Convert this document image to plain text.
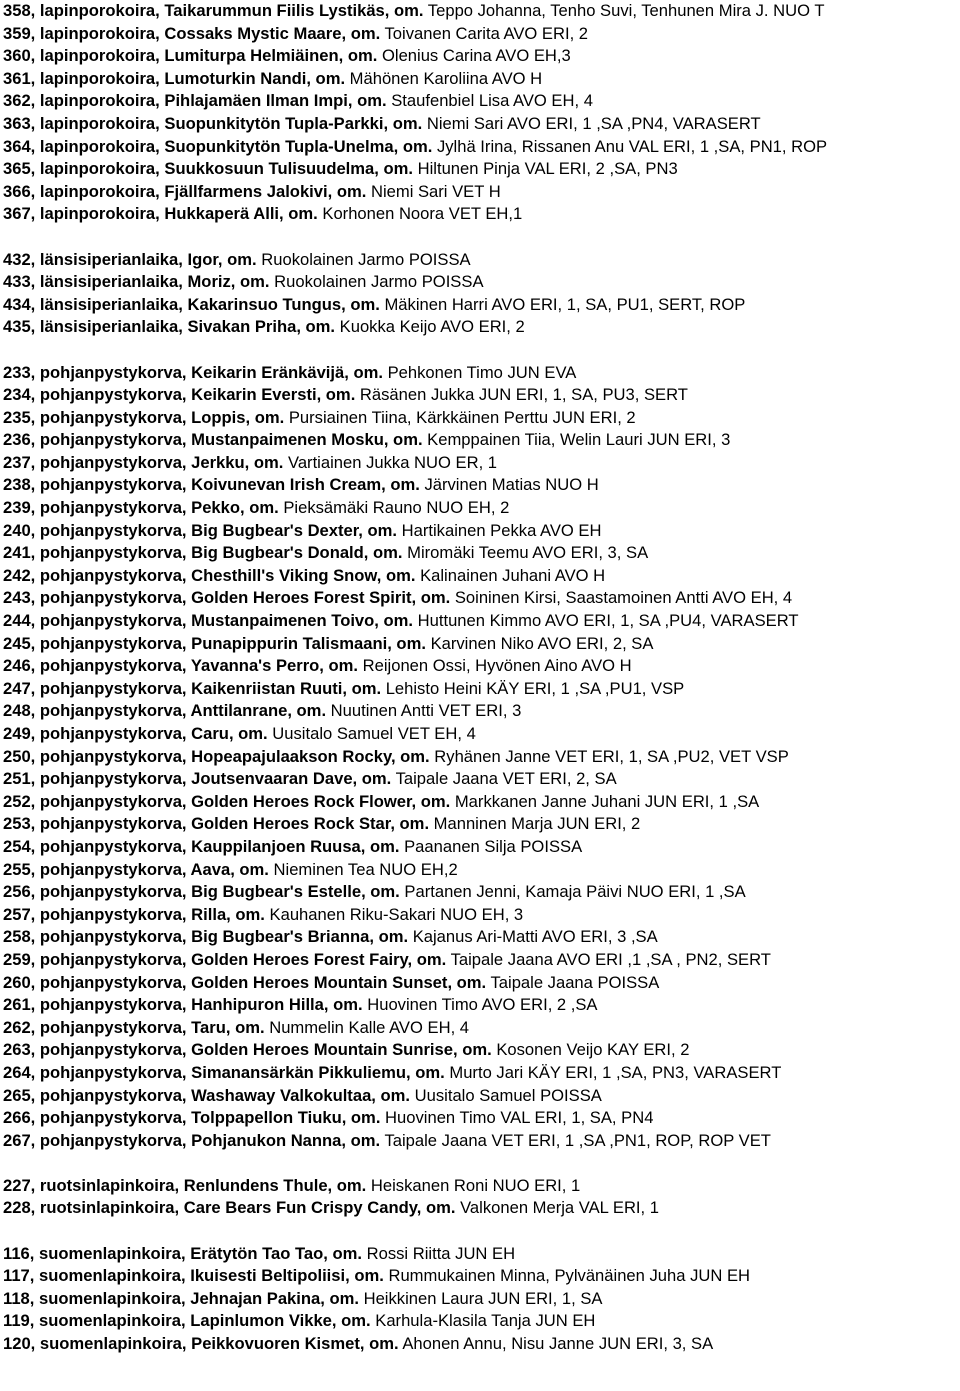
358, lapinporokoira, Taikarummun Fiilis Lystikäs, om. Teppo Johanna, Tenho Suvi, Tenhunen Mira J. NUO T
359, lapinporokoira, Cossaks Mystic Maare, om. Toivanen Carita AVO ERI, 2
360, lapinporokoira, Lumiturpa Helmiäinen, om. Olenius Carina AVO EH,3
361, lapinporokoira, Lumoturkin Nandi, om. Mähönen Karoliina AVO H
362, lapinporokoira, Pihlajamäen Ilman Impi, om. Staufenbiel Lisa AVO EH, 4
363, lapinporokoira, Suopunkitytön Tupla-Parkki, om. Niemi Sari AVO ERI, 1 ,SA ,PN4, VARASERT
364, lapinporokoira, Suopunkitytön Tupla-Unelma, om. Jylhä Irina, Rissanen Anu VAL ERI, 1 ,SA, PN1, ROP
365, lapinporokoira, Suukkosuun Tulisuudelma, om. Hiltunen Pinja VAL ERI, 2 ,SA, PN3
366, lapinporokoira, Fjällfarmens Jalokivi, om. Niemi Sari VET H
367, lapinporokoira, Hukkaperä Alli, om. Korhonen Noora VET EH,1
432, länsisiperianlaika, Igor, om. Ruokolainen Jarmo POISSA
433, länsisiperianlaika, Moriz, om. Ruokolainen Jarmo POISSA
434, länsisiperianlaika, Kakarinsuo Tungus, om. Mäkinen Harri AVO ERI, 1, SA, PU1, SERT, ROP
435, länsisiperianlaika, Sivakan Priha, om. Kuokka Keijo AVO ERI, 2
233, pohjanpystykorva, Keikarin Eränkävijä, om. Pehkonen Timo JUN EVA
234, pohjanpystykorva, Keikarin Eversti, om. Räsänen Jukka JUN ERI, 1, SA, PU3, SERT
235, pohjanpystykorva, Loppis, om. Pursiainen Tiina, Kärkkäinen Perttu JUN ERI, 2
236, pohjanpystykorva, Mustanpaimenen Mosku, om. Kemppainen Tiia, Welin Lauri JUN ERI, 3
237, pohjanpystykorva, Jerkku, om. Vartiainen Jukka NUO ER, 1
238, pohjanpystykorva, Koivunevan Irish Cream, om. Järvinen Matias NUO H
239, pohjanpystykorva, Pekko, om. Pieksämäki Rauno NUO EH, 2
240, pohjanpystykorva, Big Bugbear's Dexter, om. Hartikainen Pekka AVO EH
241, pohjanpystykorva, Big Bugbear's Donald, om. Miromäki Teemu AVO ERI, 3, SA
242, pohjanpystykorva, Chesthill's Viking Snow, om. Kalinainen Juhani AVO H
243, pohjanpystykorva, Golden Heroes Forest Spirit, om. Soininen Kirsi, Saastamoinen Antti AVO EH, 4
244, pohjanpystykorva, Mustanpaimenen Toivo, om. Huttunen Kimmo AVO ERI, 1, SA ,PU4, VARASERT
245, pohjanpystykorva, Punapippurin Talismaani, om. Karvinen Niko AVO ERI, 2, SA
246, pohjanpystykorva, Yavanna's Perro, om. Reijonen Ossi, Hyvönen Aino AVO H
247, pohjanpystykorva, Kaikenriistan Ruuti, om. Lehisto Heini KÄY ERI, 1 ,SA ,PU1, VSP
248, pohjanpystykorva, Anttilanrane, om. Nuutinen Antti VET ERI, 3
249, pohjanpystykorva, Caru, om. Uusitalo Samuel VET EH, 4
250, pohjanpystykorva, Hopeapajulaakson Rocky, om. Ryhänen Janne VET ERI, 1, SA ,PU2, VET VSP
251, pohjanpystykorva, Joutsenvaaran Dave, om. Taipale Jaana VET ERI, 2, SA
252, pohjanpystykorva, Golden Heroes Rock Flower, om. Markkanen Janne Juhani JUN ERI, 1 ,SA
253, pohjanpystykorva, Golden Heroes Rock Star, om. Manninen Marja JUN ERI, 2
254, pohjanpystykorva, Kauppilanjoen Ruusa, om. Paananen Silja POISSA
255, pohjanpystykorva, Aava, om. Nieminen Tea NUO EH,2
256, pohjanpystykorva, Big Bugbear's Estelle, om. Partanen Jenni, Kamaja Päivi NUO ERI, 1 ,SA
257, pohjanpystykorva, Rilla, om. Kauhanen Riku-Sakari NUO EH, 3
258, pohjanpystykorva, Big Bugbear's Brianna, om. Kajanus Ari-Matti AVO ERI, 3 ,SA
259, pohjanpystykorva, Golden Heroes Forest Fairy, om. Taipale Jaana AVO ERI ,1 ,SA , PN2, SERT
260, pohjanpystykorva, Golden Heroes Mountain Sunset, om. Taipale Jaana POISSA
261, pohjanpystykorva, Hanhipuron Hilla, om. Huovinen Timo AVO ERI, 2 ,SA
262, pohjanpystykorva, Taru, om. Nummelin Kalle AVO EH, 4
263, pohjanpystykorva, Golden Heroes Mountain Sunrise, om. Kosonen Veijo KAY ERI, 2
264, pohjanpystykorva, Simanansärkän Pikkuliemu, om. Murto Jari KÄY ERI, 1 ,SA, PN3, VARASERT
265, pohjanpystykorva, Washaway Valkokultaa, om. Uusitalo Samuel POISSA
266, pohjanpystykorva, Tolppapellon Tiuku, om. Huovinen Timo VAL ERI, 1, SA, PN4
267, pohjanpystykorva, Pohjanukon Nanna, om. Taipale Jaana VET ERI, 1 ,SA ,PN1, ROP, ROP VET
227, ruotsinlapinkoira, Renlundens Thule, om. Heiskanen Roni NUO ERI, 1
228, ruotsinlapinkoira, Care Bears Fun Crispy Candy, om. Valkonen Merja VAL ERI, 1
116, suomenlapinkoira, Erätytön Tao Tao, om. Rossi Riitta JUN EH
117, suomenlapinkoira, Ikuisesti Beltipoliisi, om. Rummukainen Minna, Pylvänäinen Juha JUN EH
118, suomenlapinkoira, Jehnajan Pakina, om. Heikkinen Laura JUN ERI, 1, SA
119, suomenlapinkoira, Lapinlumon Vikke, om. Karhula-Klasila Tanja JUN EH
120, suomenlapinkoira, Peikkovuoren Kismet, om. Ahonen Annu, Nisu Janne JUN ERI, 3, SA
